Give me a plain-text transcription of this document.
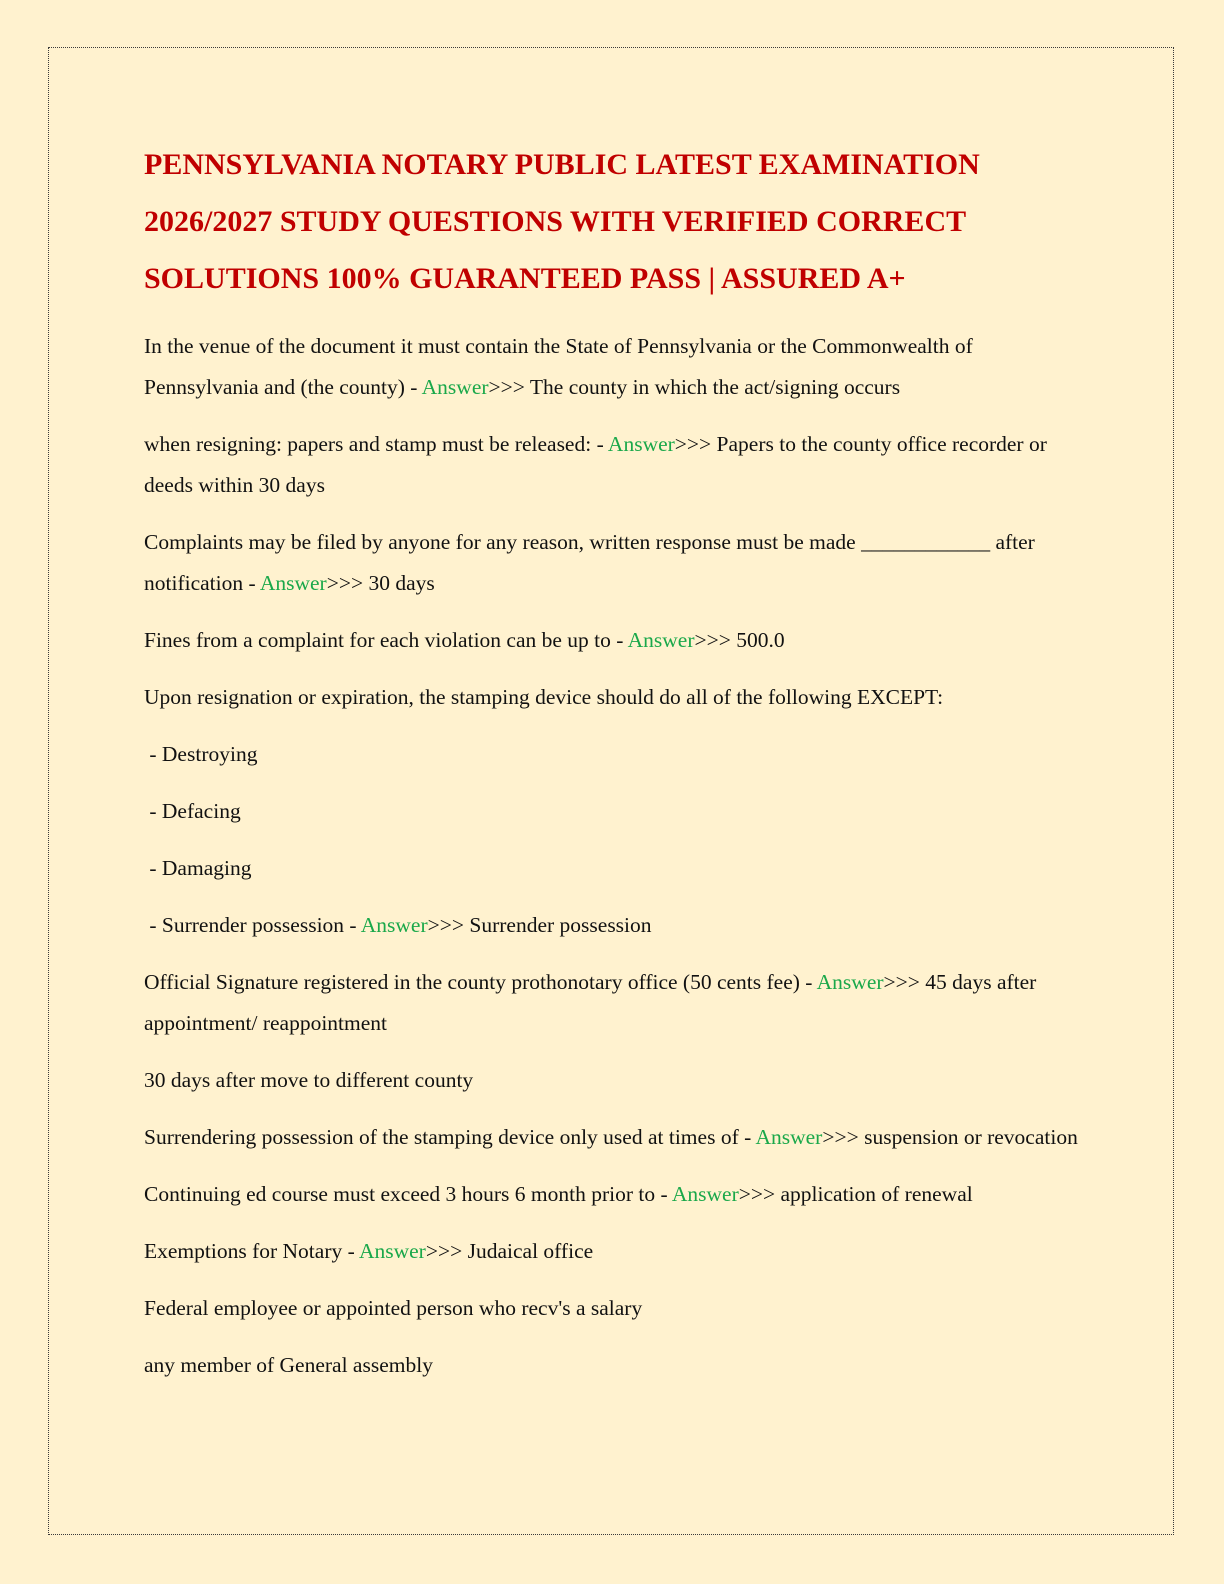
PENNSYLVANIA NOTARY PUBLIC LATEST EXAMINATION 2026/2027 STUDY QUESTIONS WITH VERIFIED CORRECT SOLUTIONS 100% GUARANTEED PASS | ASSURED A+

In the venue of the document it must contain the State of Pennsylvania or the Commonwealth of Pennsylvania and (the county) - Answer>>> The county in which the act/signing occurs

when resigning: papers and stamp must be released: - Answer>>> Papers to the county office recorder or deeds within 30 days

Complaints may be filed by anyone for any reason, written response must be made ____________ after notification - Answer>>> 30 days

Fines from a complaint for each violation can be up to - Answer>>> 500.0

Upon resignation or expiration, the stamping device should do all of the following EXCEPT:

- Destroying

- Defacing

- Damaging

- Surrender possession - Answer>>> Surrender possession

Official Signature registered in the county prothonotary office (50 cents fee) - Answer>>> 45 days after appointment/ reappointment

30 days after move to different county

Surrendering possession of the stamping device only used at times of - Answer>>> suspension or revocation

Continuing ed course must exceed 3 hours 6 month prior to - Answer>>> application of renewal

Exemptions for Notary - Answer>>> Judaical office

Federal employee or appointed person who recv's a salary

any member of General assembly
